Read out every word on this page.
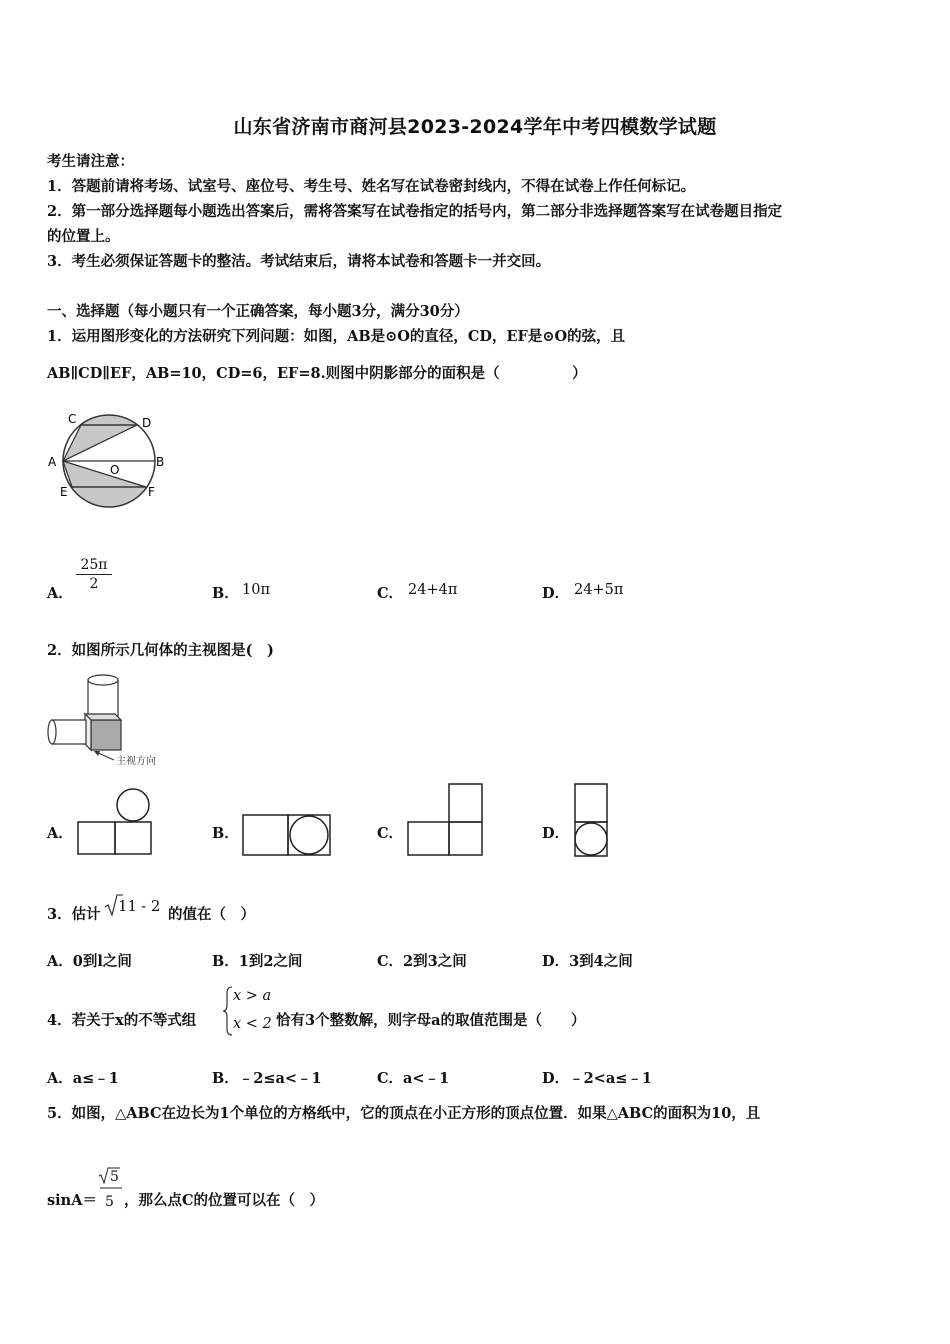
山东省济南市商河县2023-2024学年中考四模数学试题
考生请注意：
1．答题前请将考场、试室号、座位号、考生号、姓名写在试卷密封线内，不得在试卷上作任何标记。
2．第一部分选择题每小题选出答案后，需将答案写在试卷指定的括号内，第二部分非选择题答案写在试卷题目指定
的位置上。
3．考生必须保证答题卡的整洁。考试结束后，请将本试卷和答题卡一并交回。
一、选择题（每小题只有一个正确答案，每小题3分，满分30分）
1．运用图形变化的方法研究下列问题：如图，AB是⊙O的直径，CD，EF是⊙O的弦，且
AB∥CD∥EF，AB=10，CD=6，EF=8.则图中阴影部分的面积是（　　　　　）
C	D
A
O
B
E	F
A．
$\frac{25\pi}{2}$
B． 10π	C． 24+4π	D． 24+5π
2．如图所示几何体的主视图是(　)
主视方向
A．	B．	C．	D．
3．估计 11 - 2 的值在（　）
A．0到l之间	B．1到2之间	C．2到3之间	D．3到4之间
4．若关于x的不等式组
x > a
x < 2 恰有3个整数解，则字母a的取值范围是（　　）
A．a≤﹣1	B．﹣2≤a<﹣1	C．a<﹣1	D．﹣2<a≤﹣1
5．如图，△ABC在边长为1个单位的方格纸中，它的顶点在小正方形的顶点位置．如果△ABC的面积为10，且
sinA＝
5
5 ，那么点C的位置可以在（　）
